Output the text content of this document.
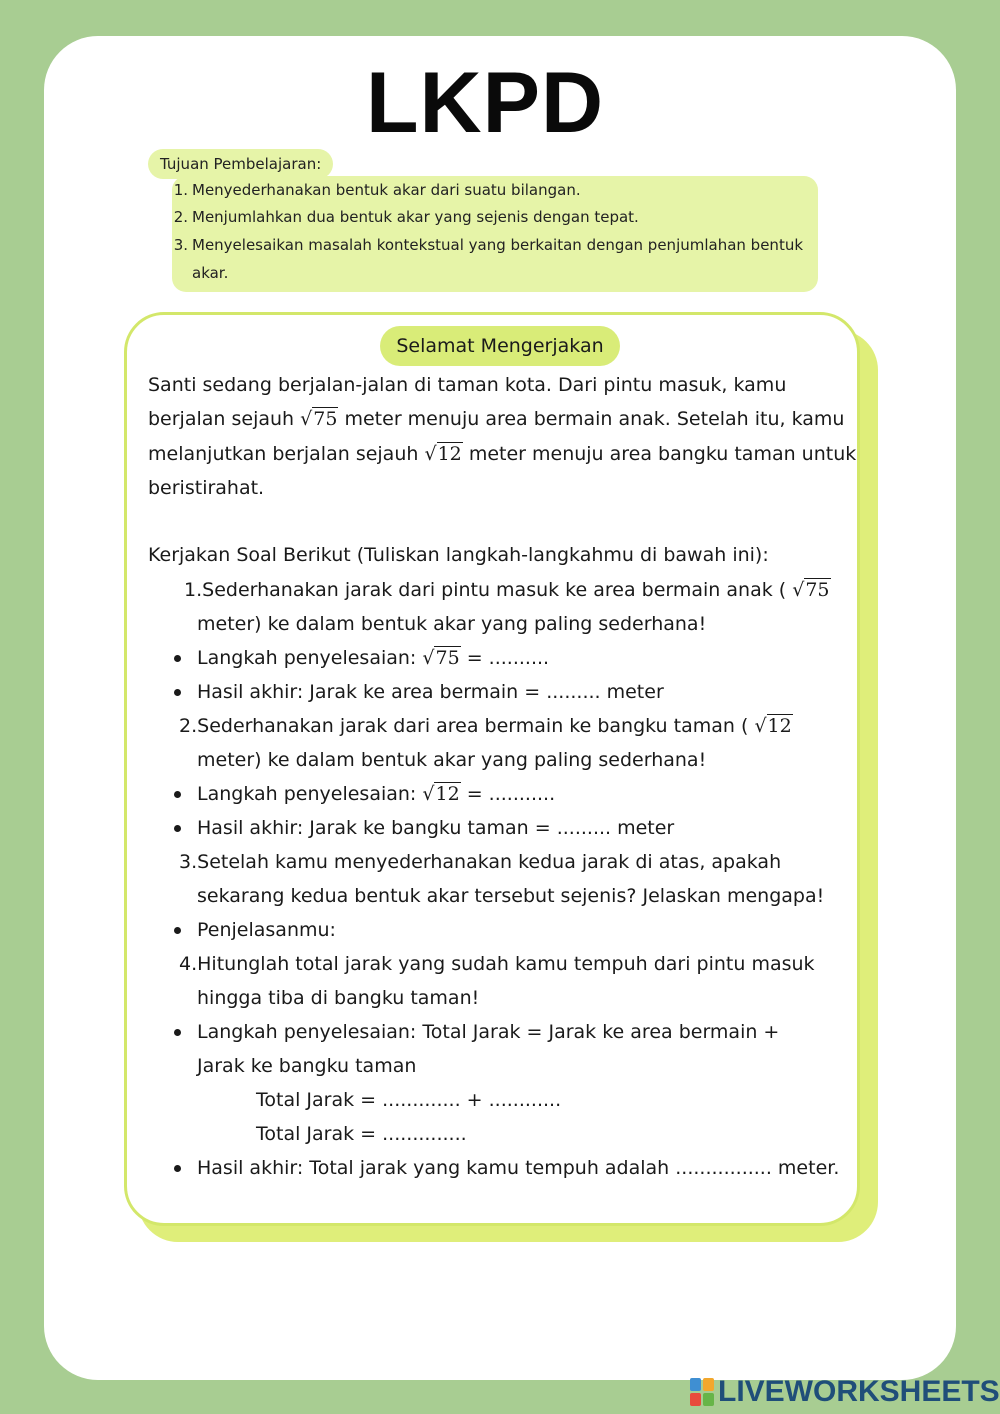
LKPD
Tujuan Pembelajaran:
1. Menyederhanakan bentuk akar dari suatu bilangan.
2. Menjumlahkan dua bentuk akar yang sejenis dengan tepat.
3. Menyelesaikan masalah kontekstual yang berkaitan dengan penjumlahan bentuk
akar.
Selamat Mengerjakan
Santi sedang berjalan-jalan di taman kota. Dari pintu masuk, kamu
berjalan sejauh √75 meter menuju area bermain anak. Setelah itu, kamu
melanjutkan berjalan sejauh √12 meter menuju area bangku taman untuk
beristirahat.
Kerjakan Soal Berikut (Tuliskan langkah-langkahmu di bawah ini):
1.Sederhanakan jarak dari pintu masuk ke area bermain anak ( √75
meter) ke dalam bentuk akar yang paling sederhana!
Langkah penyelesaian: √75 = ..........
Hasil akhir: Jarak ke area bermain = ......... meter
2.Sederhanakan jarak dari area bermain ke bangku taman ( √12
meter) ke dalam bentuk akar yang paling sederhana!
Langkah penyelesaian: √12 = ...........
Hasil akhir: Jarak ke bangku taman = ......... meter
3.Setelah kamu menyederhanakan kedua jarak di atas, apakah
sekarang kedua bentuk akar tersebut sejenis? Jelaskan mengapa!
Penjelasanmu:
4.Hitunglah total jarak yang sudah kamu tempuh dari pintu masuk
hingga tiba di bangku taman!
Langkah penyelesaian: Total Jarak = Jarak ke area bermain +
Jarak ke bangku taman
Total Jarak = ............. + ............
Total Jarak = ..............
Hasil akhir: Total jarak yang kamu tempuh adalah ................ meter.
LIVEWORKSHEETS
